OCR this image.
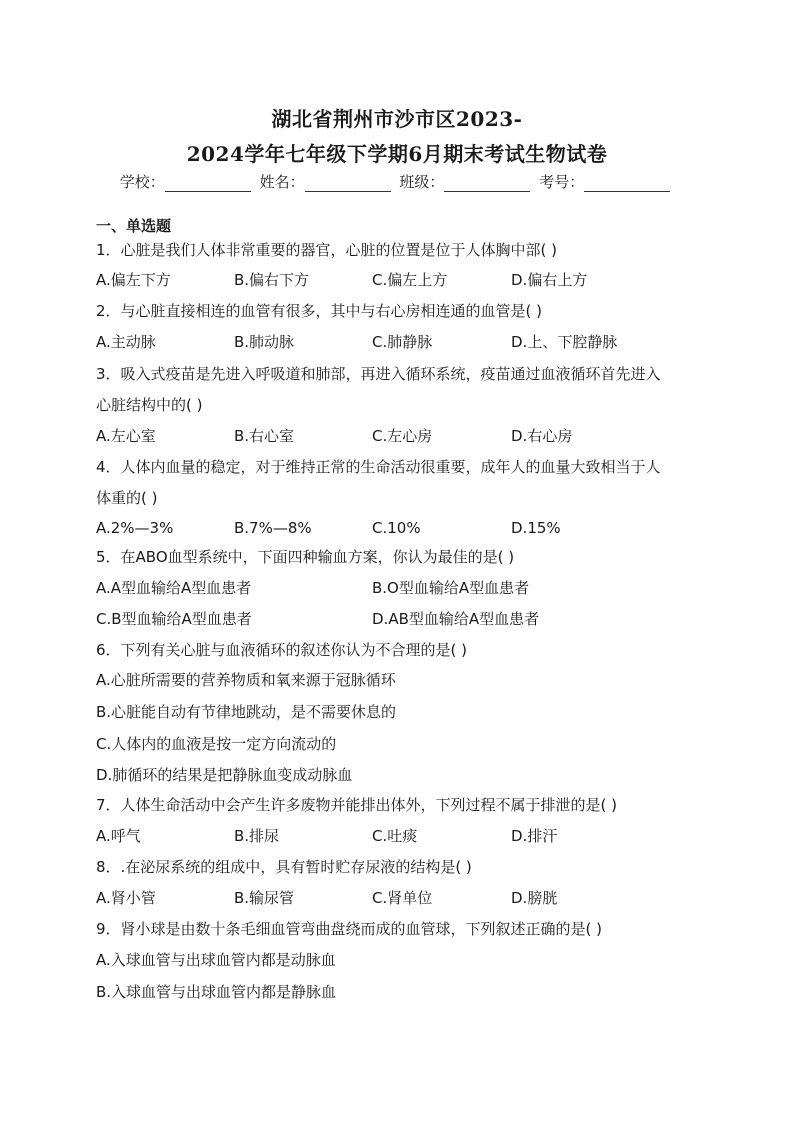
湖北省荆州市沙市区2023-
2024学年七年级下学期6月期末考试生物试卷
学校：	姓名：	班级：	考号：
一、单选题
1．心脏是我们人体非常重要的器官，心脏的位置是位于人体胸中部( )
A.偏左下方	B.偏右下方	C.偏左上方	D.偏右上方
2．与心脏直接相连的血管有很多，其中与右心房相连通的血管是( )
A.主动脉	B.肺动脉	C.肺静脉	D.上、下腔静脉
3．吸入式疫苗是先进入呼吸道和肺部，再进入循环系统，疫苗通过血液循环首先进入
心脏结构中的( )
A.左心室	B.右心室	C.左心房	D.右心房
4．人体内血量的稳定，对于维持正常的生命活动很重要，成年人的血量大致相当于人
体重的( )
A.2%—3%	B.7%—8%	C.10%	D.15%
5．在ABO血型系统中，下面四种输血方案，你认为最佳的是( )
A.A型血输给A型血患者	B.O型血输给A型血患者
C.B型血输给A型血患者	D.AB型血输给A型血患者
6．下列有关心脏与血液循环的叙述你认为不合理的是( )
A.心脏所需要的营养物质和氧来源于冠脉循环
B.心脏能自动有节律地跳动，是不需要休息的
C.人体内的血液是按一定方向流动的
D.肺循环的结果是把静脉血变成动脉血
7．人体生命活动中会产生许多废物并能排出体外，下列过程不属于排泄的是( )
A.呼气	B.排尿	C.吐痰	D.排汗
8．.在泌尿系统的组成中，具有暂时贮存尿液的结构是( )
A.肾小管	B.输尿管	C.肾单位	D.膀胱
9．肾小球是由数十条毛细血管弯曲盘绕而成的血管球，下列叙述正确的是( )
A.入球血管与出球血管内都是动脉血
B.入球血管与出球血管内都是静脉血
